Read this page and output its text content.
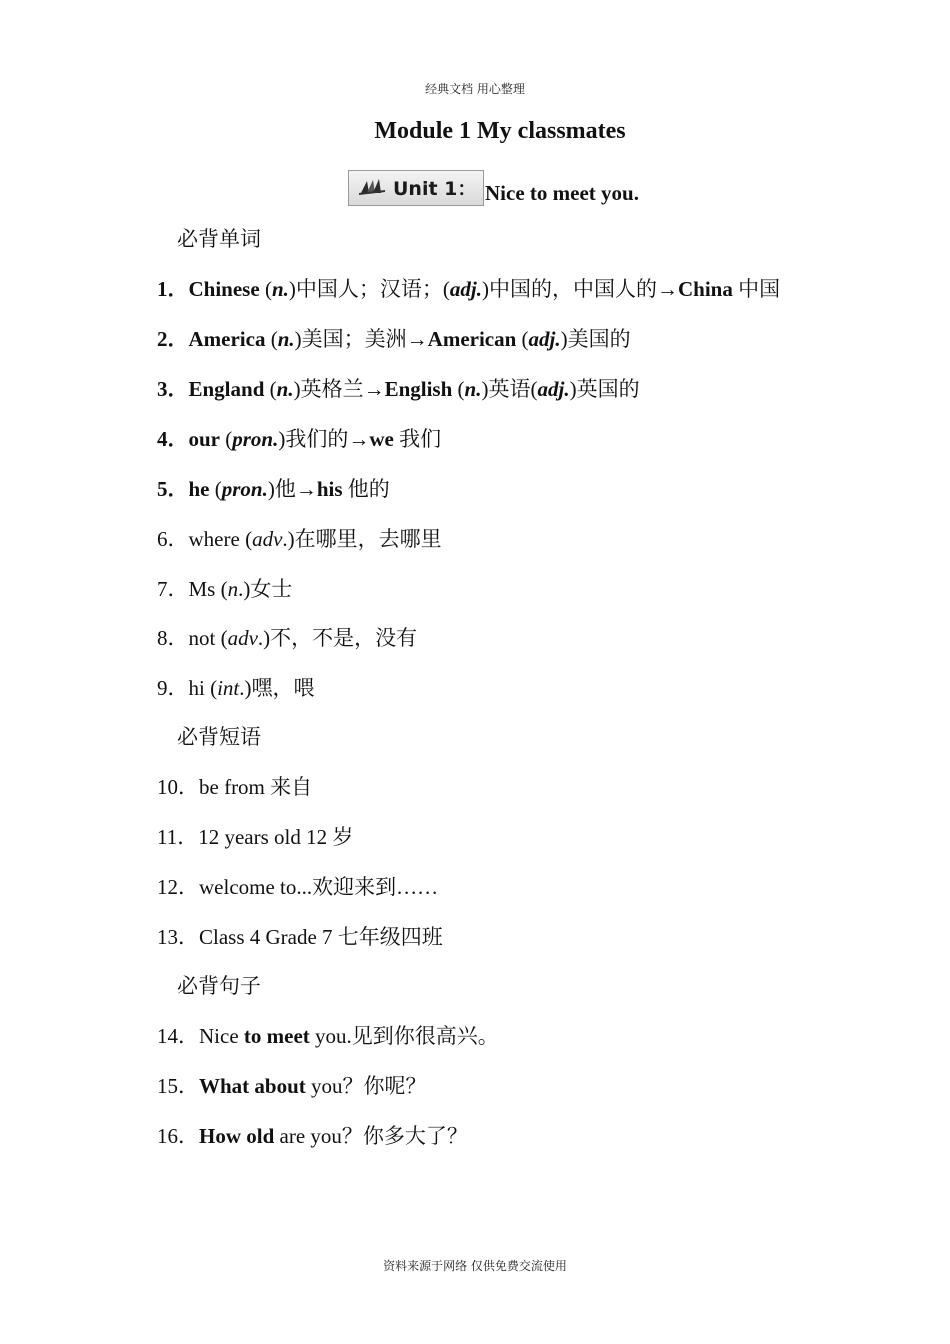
经典文档 用心整理
Module 1 My classmates
Unit 1： Nice to meet you.
必背单词
1．Chinese (n.)中国人；汉语；(adj.)中国的，中国人的→China 中国
2．America (n.)美国；美洲→American (adj.)美国的
3．England (n.)英格兰→English (n.)英语(adj.)英国的
4．our (pron.)我们的→we 我们
5．he (pron.)他→his 他的
6．where (adv.)在哪里，去哪里
7．Ms (n.)女士
8．not (adv.)不，不是，没有
9．hi (int.)嘿，喂
必背短语
10．be from 来自
11．12 years old 12 岁
12．welcome to...欢迎来到……
13．Class 4 Grade 7 七年级四班
必背句子
14．Nice to meet you.见到你很高兴。
15．What about you？你呢？
16．How old are you？你多大了？
资料来源于网络 仅供免费交流使用
